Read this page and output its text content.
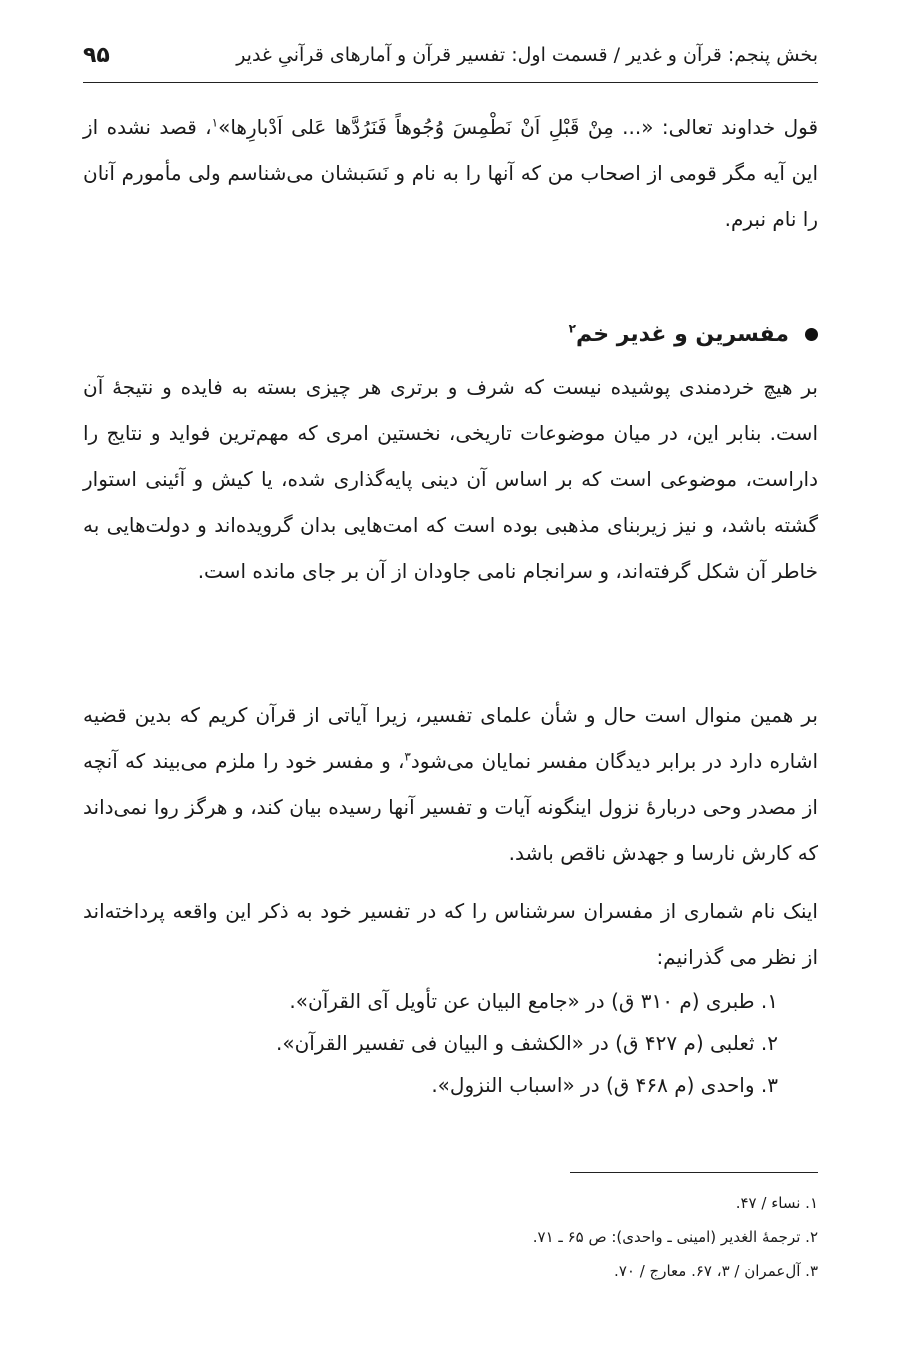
بخش پنجم: قرآن و غدیر / قسمت اول: تفسیر قرآن و آمارهای قرآنیِ غدیر
۹۵

قول خداوند تعالی: «... مِنْ قَبْلِ اَنْ نَطْمِسَ وُجُوهاً فَنَرُدَّها عَلی اَدْبارِها»$^۱$، قصد نشده از این آیه مگر قومی از اصحاب من که آنها را به نام و نَسَبشان می‌شناسم ولی مأمورم آنان را نام نبرم.

مفسرین و غدیر خم$^۲$

بر هیچ خردمندی پوشیده نیست که شرف و برتری هر چیزی بسته به فایده و نتیجهٔ آن است. بنابر این، در میان موضوعات تاریخی، نخستین امری که مهم‌ترین فواید و نتایج را داراست، موضوعی است که بر اساس آن دینی پایه‌گذاری شده، یا کیش و آئینی استوار گشته باشد، و نیز زیربنای مذهبی بوده است که امت‌هایی بدان گرویده‌اند و دولت‌هایی به خاطر آن شکل گرفته‌اند، و سرانجام نامی جاودان از آن بر جای مانده است.

بر همین منوال است حال و شأن علمای تفسیر، زیرا آیاتی از قرآن کریم که بدین قضیه اشاره دارد در برابر دیدگان مفسر نمایان می‌شود$^۳$، و مفسر خود را ملزم می‌بیند که آنچه از مصدر وحی دربارهٔ نزول اینگونه آیات و تفسیر آنها رسیده بیان کند، و هرگز روا نمی‌داند که کارش نارسا و جهدش ناقص باشد.

اینک نام شماری از مفسران سرشناس را که در تفسیر خود به ذکر این واقعه پرداخته‌اند از نظر می گذرانیم:

۱. طبری (م ۳۱۰ ق) در «جامع البیان عن تأویل آی القرآن».
۲. ثعلبی (م ۴۲۷ ق) در «الکشف و البیان فی تفسیر القرآن».
۳. واحدی (م ۴۶۸ ق) در «اسباب النزول».
۱. نساء / ۴۷.
۲. ترجمهٔ الغدیر (امینی ـ واحدی): ص ۶۵ ـ ۷۱.
۳. آل‌عمران / ۳، ۶۷. معارج / ۷۰.
